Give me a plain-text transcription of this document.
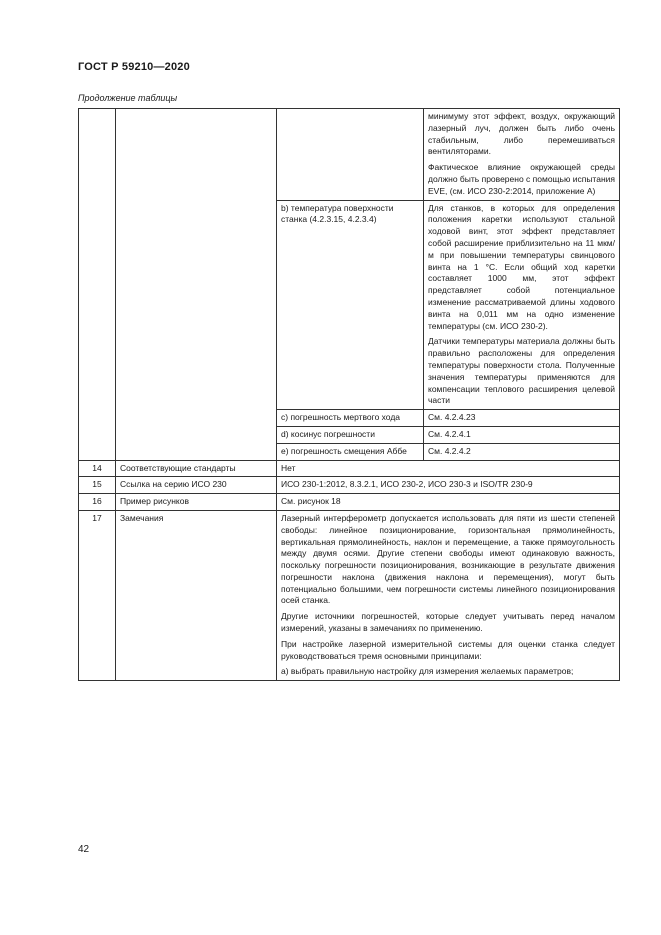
ГОСТ Р 59210—2020
Продолжение таблицы

			минимуму этот эффект, воздух, окружающий лазерный луч, должен быть либо очень стабильным, либо перемешиваться вентиляторами.

Фактическое влияние окружающей среды должно быть проверено с помощью испытания EVE, (см. ИСО 230-2:2014, приложение А)

		b) температура поверхности станка (4.2.3.15, 4.2.3.4)	Для станков, в которых для определения положения каретки используют стальной ходовой винт, этот эффект представляет собой расширение приблизительно на 11 мкм/м при повышении температуры свинцового винта на 1 °С. Если общий ход каретки составляет 1000 мм, этот эффект представляет собой потенциальное изменение рассматриваемой длины ходового винта на 0,011 мм на одно изменение температуры (см. ИСО 230-2).

Датчики температуры материала должны быть правильно расположены для определения температуры поверхности стола. Полученные значения температуры применяются для компенсации теплового расширения целевой части

		c) погрешность мертвого хода	См. 4.2.4.23
		d) косинус погрешности	См. 4.2.4.1
		e) погрешность смещения Аббе	См. 4.2.4.2
14	Соответствующие стандарты	Нет	
15	Ссылка на серию ИСО 230	ИСО 230-1:2012, 8.3.2.1, ИСО 230-2, ИСО 230-3 и ISO/TR 230-9	
16	Пример рисунков	См. рисунок 18	
17	Замечания	Лазерный интерферометр допускается использовать для пяти из шести степеней свободы: линейное позиционирование, горизонтальная прямолинейность, вертикальная прямолинейность, наклон и перемещение, а также прямоугольность между двумя осями. Другие степени свободы имеют одинаковую важность, поскольку погрешности позиционирования, возникающие в результате движения погрешности наклона (движения наклона и перемещения), могут быть потенциально большими, чем погрешности системы линейного позиционирования осей станка.

Другие источники погрешностей, которые следует учитывать перед началом измерений, указаны в замечаниях по применению.

При настройке лазерной измерительной системы для оценки станка следует руководствоваться тремя основными принципами:

a) выбрать правильную настройку для измерения желаемых параметров;	

42
